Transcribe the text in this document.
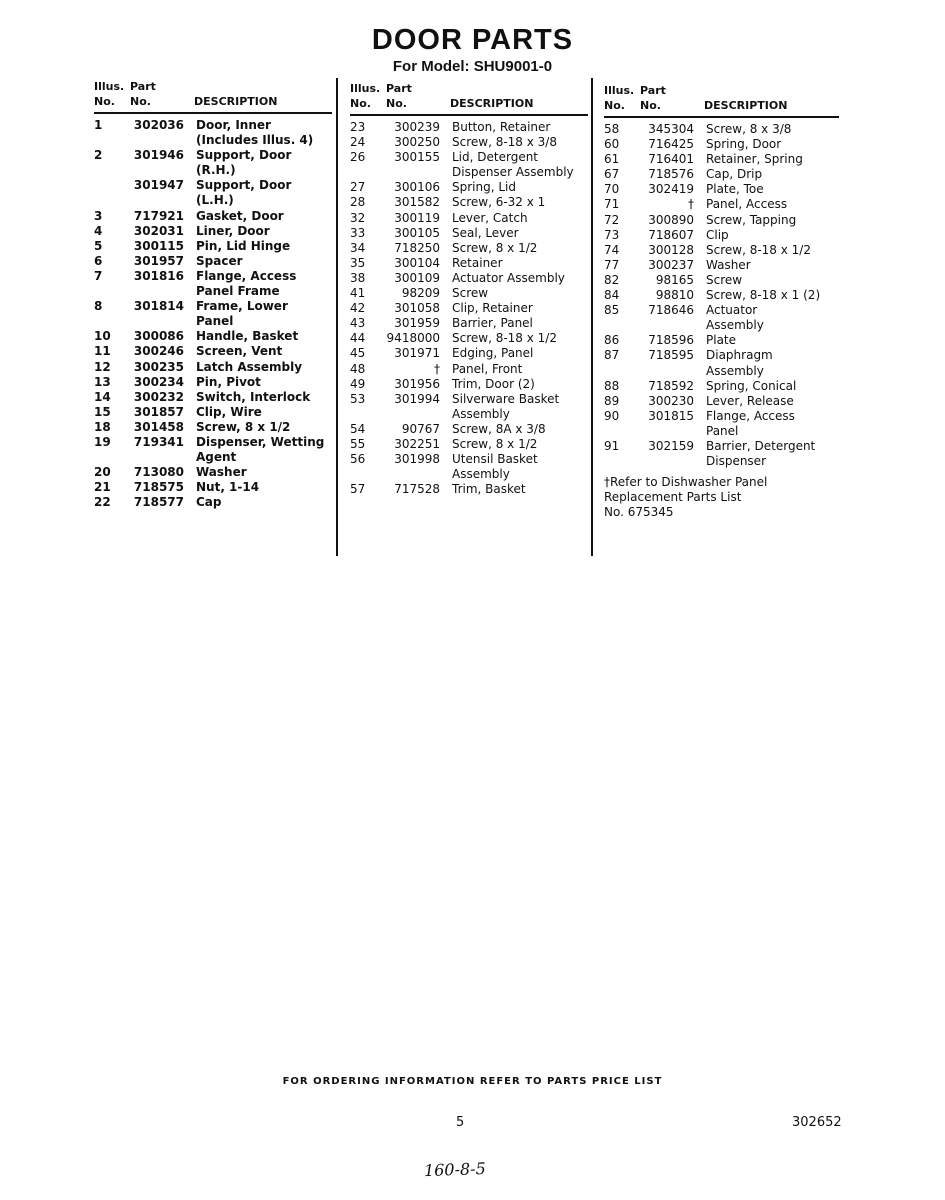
DOOR PARTS
For Model: SHU9001-0
Illus.
No.
Part
No.	DESCRIPTION
1	302036	Door, Inner
(Includes Illus. 4)
2	301946	Support, Door
(R.H.)
301947	Support, Door
(L.H.)
3	717921	Gasket, Door
4	302031	Liner, Door
5	300115	Pin, Lid Hinge
6	301957	Spacer
7	301816	Flange, Access
Panel Frame
8	301814	Frame, Lower
Panel
10	300086	Handle, Basket
11	300246	Screen, Vent
12	300235	Latch Assembly
13	300234	Pin, Pivot
14	300232	Switch, Interlock
15	301857	Clip, Wire
18	301458	Screw, 8 x 1/2
19	719341	Dispenser, Wetting
Agent
20	713080	Washer
21	718575	Nut, 1-14
22	718577	Cap
Illus.
No.
Part
No.	DESCRIPTION
23	300239	Button, Retainer
24	300250	Screw, 8-18 x 3/8
26	300155	Lid, Detergent
Dispenser Assembly
27	300106	Spring, Lid
28	301582	Screw, 6-32 x 1
32	300119	Lever, Catch
33	300105	Seal, Lever
34	718250	Screw, 8 x 1/2
35	300104	Retainer
38	300109	Actuator Assembly
41	98209	Screw
42	301058	Clip, Retainer
43	301959	Barrier, Panel
44	9418000	Screw, 8-18 x 1/2
45	301971	Edging, Panel
48	†	Panel, Front
49	301956	Trim, Door (2)
53	301994	Silverware Basket
Assembly
54	90767	Screw, 8A x 3/8
55	302251	Screw, 8 x 1/2
56	301998	Utensil Basket
Assembly
57	717528	Trim, Basket
Illus.
No.
Part
No.	DESCRIPTION
58	345304	Screw, 8 x 3/8
60	716425	Spring, Door
61	716401	Retainer, Spring
67	718576	Cap, Drip
70	302419	Plate, Toe
71	†	Panel, Access
72	300890	Screw, Tapping
73	718607	Clip
74	300128	Screw, 8-18 x 1/2
77	300237	Washer
82	98165	Screw
84	98810	Screw, 8-18 x 1 (2)
85	718646	Actuator
Assembly
86	718596	Plate
87	718595	Diaphragm
Assembly
88	718592	Spring, Conical
89	300230	Lever, Release
90	301815	Flange, Access
Panel
91	302159	Barrier, Detergent
Dispenser
†Refer to Dishwasher Panel
Replacement Parts List
No. 675345
FOR ORDERING INFORMATION REFER TO PARTS PRICE LIST
5	302652
160-8-5
